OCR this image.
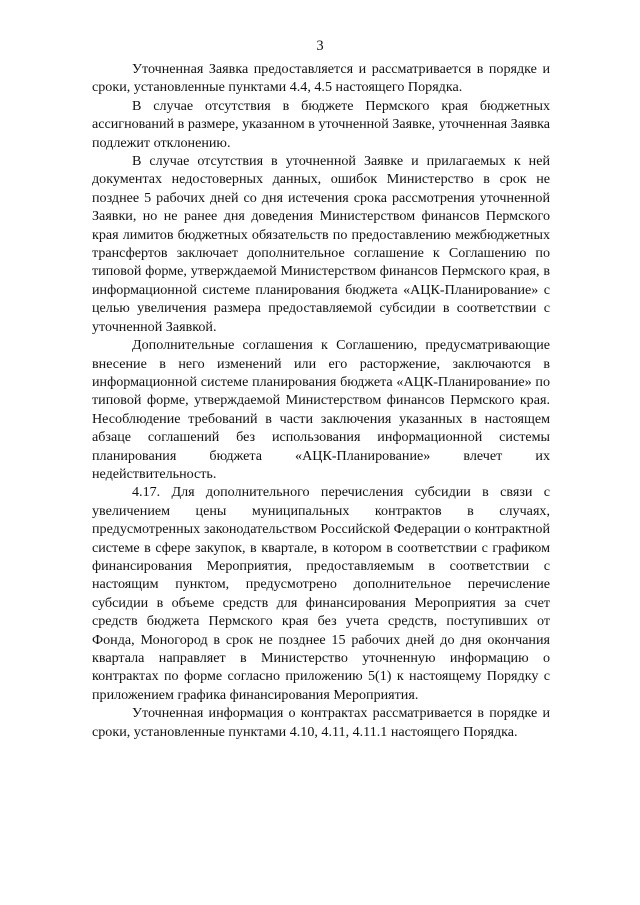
3

Уточненная Заявка предоставляется и рассматривается в порядке и сроки, установленные пунктами 4.4, 4.5 настоящего Порядка.

В случае отсутствия в бюджете Пермского края бюджетных ассигнований в размере, указанном в уточненной Заявке, уточненная Заявка подлежит отклонению.

В случае отсутствия в уточненной Заявке и прилагаемых к ней документах недостоверных данных, ошибок Министерство в срок не позднее 5 рабочих дней со дня истечения срока рассмотрения уточненной Заявки, но не ранее дня доведения Министерством финансов Пермского края лимитов бюджетных обязательств по предоставлению межбюджетных трансфертов заключает дополнительное соглашение к Соглашению по типовой форме, утверждаемой Министерством финансов Пермского края, в информационной системе планирования бюджета «АЦК-Планирование» с целью увеличения размера предоставляемой субсидии в соответствии с уточненной Заявкой.

Дополнительные соглашения к Соглашению, предусматривающие внесение в него изменений или его расторжение, заключаются в информационной системе планирования бюджета «АЦК-Планирование» по типовой форме, утверждаемой Министерством финансов Пермского края. Несоблюдение требований в части заключения указанных в настоящем абзаце соглашений без использования информационной системы планирования бюджета «АЦК-Планирование» влечет их недействительность.

4.17. Для дополнительного перечисления субсидии в связи с увеличением цены муниципальных контрактов в случаях, предусмотренных законодательством Российской Федерации о контрактной системе в сфере закупок, в квартале, в котором в соответствии с графиком финансирования Мероприятия, предоставляемым в соответствии с настоящим пунктом, предусмотрено дополнительное перечисление субсидии в объеме средств для финансирования Мероприятия за счет средств бюджета Пермского края без учета средств, поступивших от Фонда, Моногород в срок не позднее 15 рабочих дней до дня окончания квартала направляет в Министерство уточненную информацию о контрактах по форме согласно приложению 5(1) к настоящему Порядку с приложением графика финансирования Мероприятия.

Уточненная информация о контрактах рассматривается в порядке и сроки, установленные пунктами 4.10, 4.11, 4.11.1 настоящего Порядка.
